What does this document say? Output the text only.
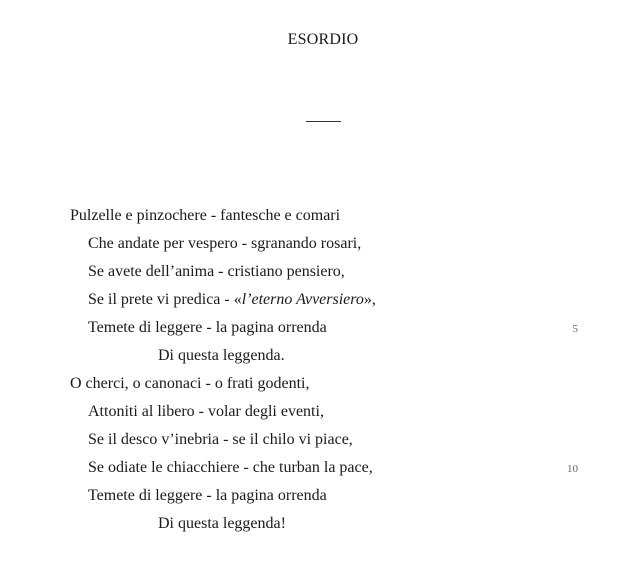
ESORDIO
Pulzelle e pinzochere - fantesche e comari
Che andate per vespero - sgranando rosari,
Se avete dell’anima - cristiano pensiero,
Se il prete vi predica - «l’eterno Avversiero»,
Temete di leggere - la pagina orrenda	5
Di questa leggenda.
O cherci, o canonaci - o frati godenti,
Attoniti al libero - volar degli eventi,
Se il desco v’inebria - se il chilo vi piace,
Se odiate le chiacchiere - che turban la pace,	10
Temete di leggere - la pagina orrenda
Di questa leggenda!
